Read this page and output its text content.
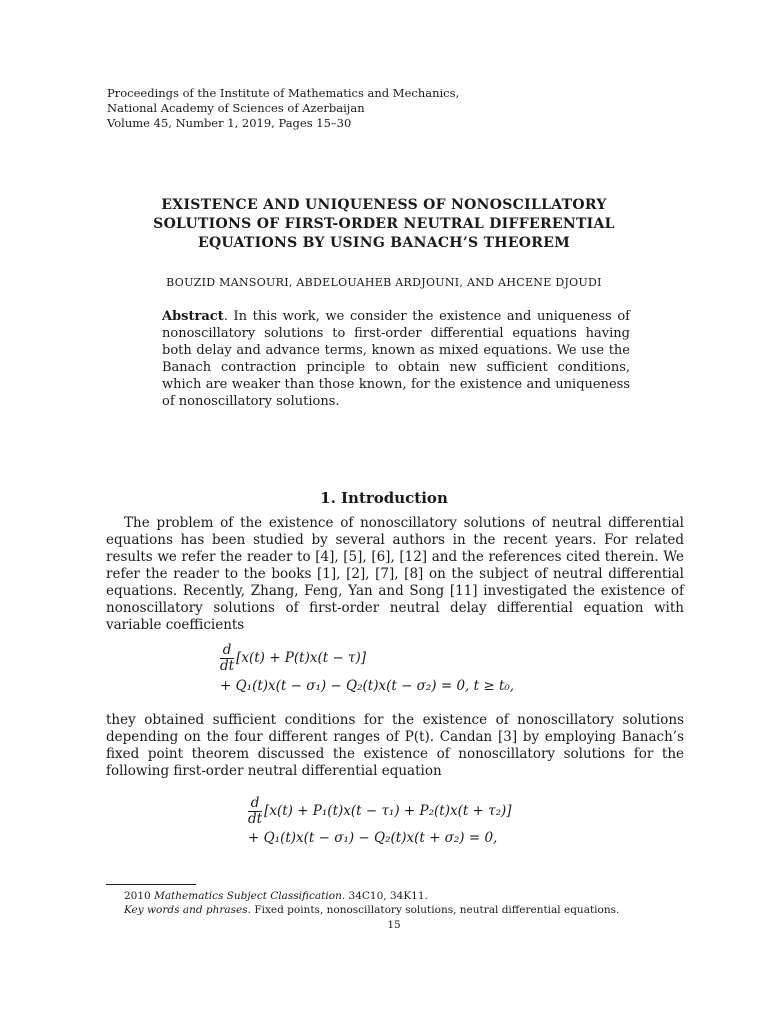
Proceedings of the Institute of Mathematics and Mechanics,
National Academy of Sciences of Azerbaijan
Volume 45, Number 1, 2019, Pages 15–30
EXISTENCE AND UNIQUENESS OF NONOSCILLATORY
SOLUTIONS OF FIRST-ORDER NEUTRAL DIFFERENTIAL
EQUATIONS BY USING BANACH’S THEOREM
BOUZID MANSOURI, ABDELOUAHEB ARDJOUNI, AND AHCENE DJOUDI
Abstract. In this work, we consider the existence and uniqueness of nonoscillatory solutions to first-order differential equations having both delay and advance terms, known as mixed equations. We use the Banach contraction principle to obtain new sufficient conditions, which are weaker than those known, for the existence and uniqueness of nonoscillatory solutions.
1. Introduction
The problem of the existence of nonoscillatory solutions of neutral differential equations has been studied by several authors in the recent years. For related results we refer the reader to [4], [5], [6], [12] and the references cited therein. We refer the reader to the books [1], [2], [7], [8] on the subject of neutral differential equations. Recently, Zhang, Feng, Yan and Song [11] investigated the existence of nonoscillatory solutions of first-order neutral delay differential equation with variable coefficients
$\frac{d}{dt} [x(t) + P(t)x(t - \tau)]$
+ Q₁(t)x(t − σ₁) − Q₂(t)x(t − σ₂) = 0, t ≥ t₀,
they obtained sufficient conditions for the existence of nonoscillatory solutions depending on the four different ranges of P(t). Candan [3] by employing Banach’s fixed point theorem discussed the existence of nonoscillatory solutions for the following first-order neutral differential equation
$\frac{d}{dt} [x(t) + P_1(t)x(t - \tau_1) + P_2(t)x(t + \tau_2)]$
+ Q₁(t)x(t − σ₁) − Q₂(t)x(t + σ₂) = 0,
2010 Mathematics Subject Classification. 34C10, 34K11.
Key words and phrases. Fixed points, nonoscillatory solutions, neutral differential equations.
15
